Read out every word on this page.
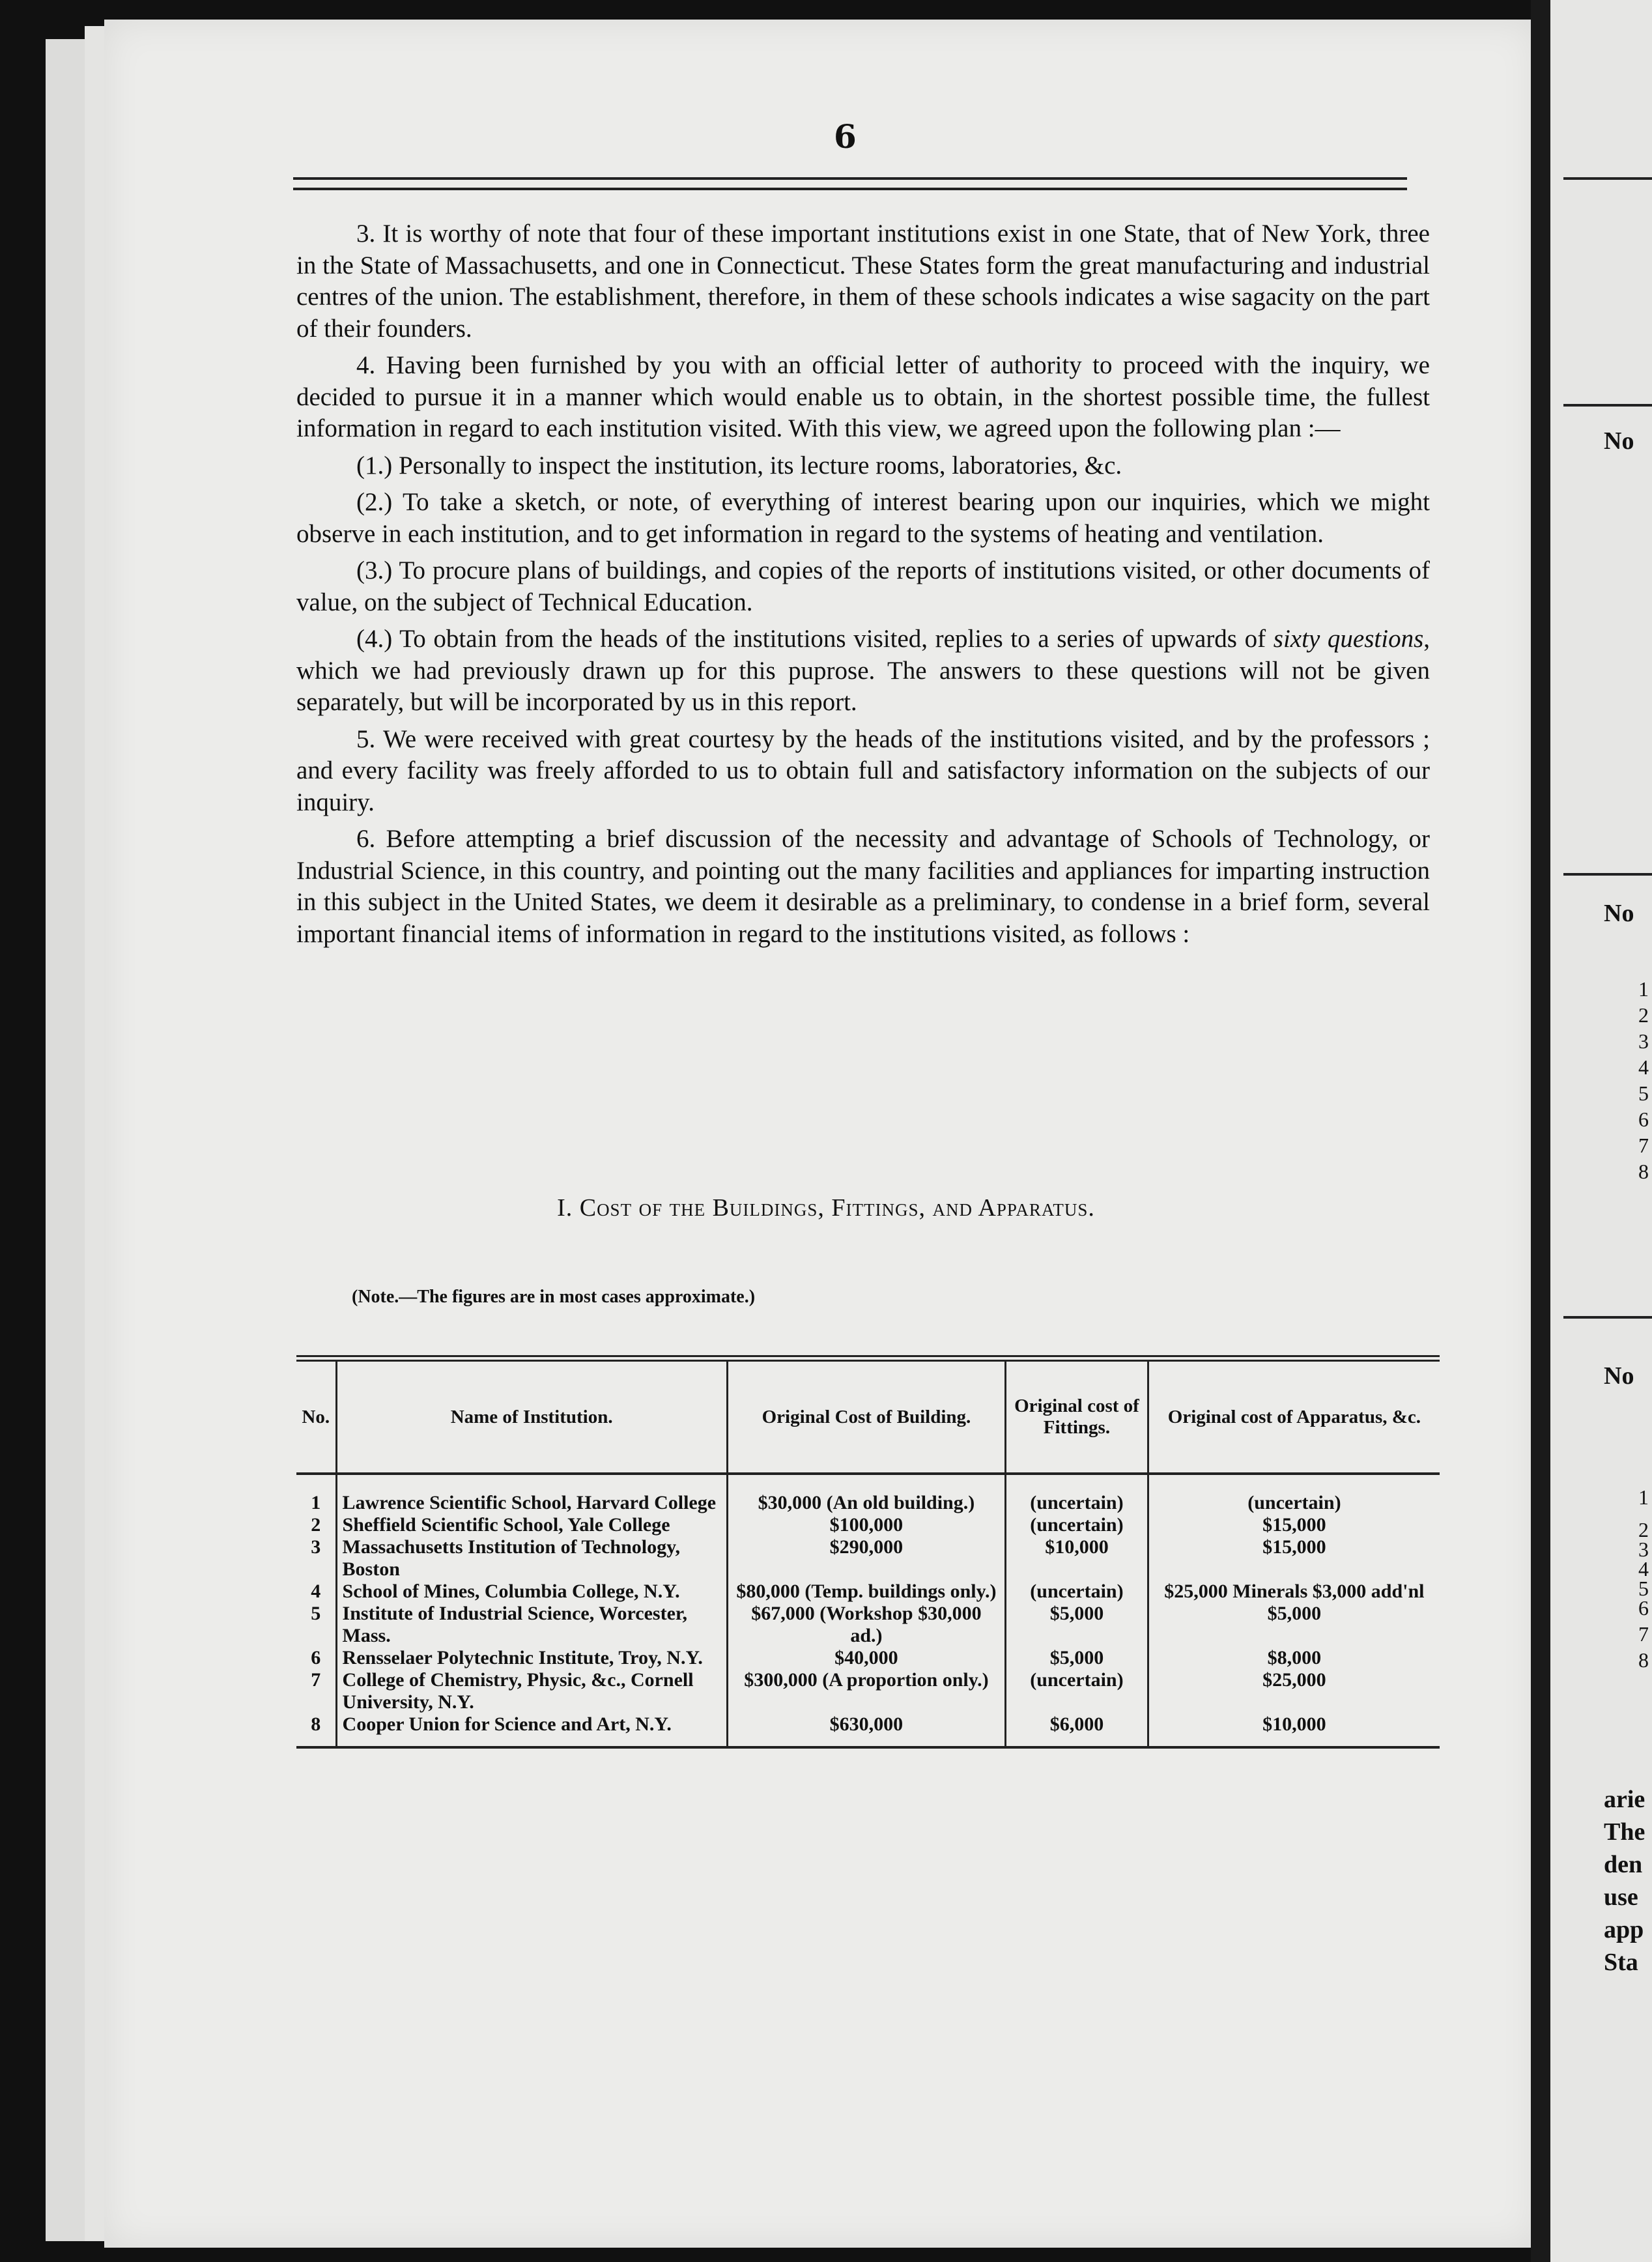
6

3. It is worthy of note that four of these important institutions exist in one State, that of New York, three in the State of Massachusetts, and one in Connecticut. These States form the great manufacturing and industrial centres of the union. The establishment, therefore, in them of these schools indicates a wise sagacity on the part of their founders.

4. Having been furnished by you with an official letter of authority to proceed with the inquiry, we decided to pursue it in a manner which would enable us to obtain, in the shortest possible time, the fullest information in regard to each institution visited. With this view, we agreed upon the following plan :—

(1.) Personally to inspect the institution, its lecture rooms, laboratories, &c.

(2.) To take a sketch, or note, of everything of interest bearing upon our inquiries, which we might observe in each institution, and to get information in regard to the systems of heating and ventilation.

(3.) To procure plans of buildings, and copies of the reports of institutions visited, or other documents of value, on the subject of Technical Education.

(4.) To obtain from the heads of the institutions visited, replies to a series of upwards of sixty questions, which we had previously drawn up for this puprose. The answers to these questions will not be given separately, but will be incorporated by us in this report.

5. We were received with great courtesy by the heads of the institutions visited, and by the professors ; and every facility was freely afforded to us to obtain full and satisfactory information on the subjects of our inquiry.

6. Before attempting a brief discussion of the necessity and advantage of Schools of Technology, or Industrial Science, in this country, and pointing out the many facilities and appliances for imparting instruction in this subject in the United States, we deem it desirable as a preliminary, to condense in a brief form, several important financial items of information in regard to the institutions visited, as follows :

I. Cost of the Buildings, Fittings, and Apparatus.
(Note.—The figures are in most cases approximate.)
No.	Name of Institution.	Original Cost of Building.	Original cost of Fittings.	Original cost of Apparatus, &c.
1	Lawrence Scientific School, Harvard College	$30,000 (An old building.)	(uncertain)	(uncertain)
2	Sheffield Scientific School, Yale College	$100,000	(uncertain)	$15,000
3	Massachusetts Institution of Technology, Boston	$290,000	$10,000	$15,000
4	School of Mines, Columbia College, N.Y.	$80,000 (Temp. buildings only.)	(uncertain)	$25,000 Minerals $3,000 add'nl
5	Institute of Industrial Science, Worcester, Mass.	$67,000 (Workshop $30,000 ad.)	$5,000	$5,000
6	Rensselaer Polytechnic Institute, Troy, N.Y.	$40,000	$5,000	$8,000
7	College of Chemistry, Physic, &c., Cornell University, N.Y.	$300,000 (A proportion only.)	(uncertain)	$25,000
8	Cooper Union for Science and Art, N.Y.	$630,000	$6,000	$10,000
No
No
No
1
2
3
4
5
6
7
8
1
2
3
4
5
6
7
8
arie
The
den
use
app
Sta
